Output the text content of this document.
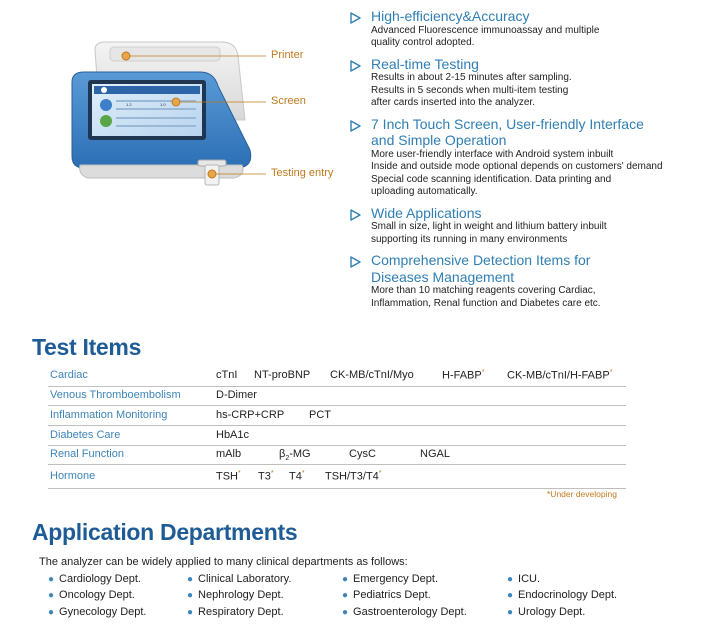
1.2	1.0
Printer
Screen
Testing entry
High-efficiency&Accuracy
Advanced Fluorescence immunoassay and multiple
quality control adopted.
Real-time Testing
Results in about 2-15 minutes after sampling.
Results in 5 seconds when multi-item testing
after cards inserted into the analyzer.
7 Inch Touch Screen, User-friendly Interface
and Simple Operation
More user-friendly interface with Android system inbuilt
Inside and outside mode optional depends on customers' demand
Special code scanning identification. Data printing and
uploading automatically.
Wide Applications
Small in size, light in weight and lithium battery inbuilt
supporting its running in many environments
Comprehensive Detection Items for
Diseases Management
More than 10 matching reagents covering Cardiac,
Inflammation, Renal function and Diabetes care etc.
Test Items
Cardiac	cTnI NT-proBNP CK-MB/cTnI/Myo	H-FABP* CK-MB/cTnI/H-FABP*
Venous Thromboembolism	D-Dimer
Inflammation Monitoring	hs-CRP+CRP PCT
Diabetes Care	HbA1c
Renal Function	mAlb	$\beta_2-MG$	CysC	NGAL
Hormone	TSH* T3* T4* TSH/T3/T4*
*Under developing
Application Departments
The analyzer can be widely applied to many clinical departments as follows:
● Cardiology Dept.
● Oncology Dept.
● Gynecology Dept.
● Clinical Laboratory.
● Nephrology Dept.
● Respiratory Dept.
● Emergency Dept.
● Pediatrics Dept.
● Gastroenterology Dept.
● ICU.
● Endocrinology Dept.
● Urology Dept.
